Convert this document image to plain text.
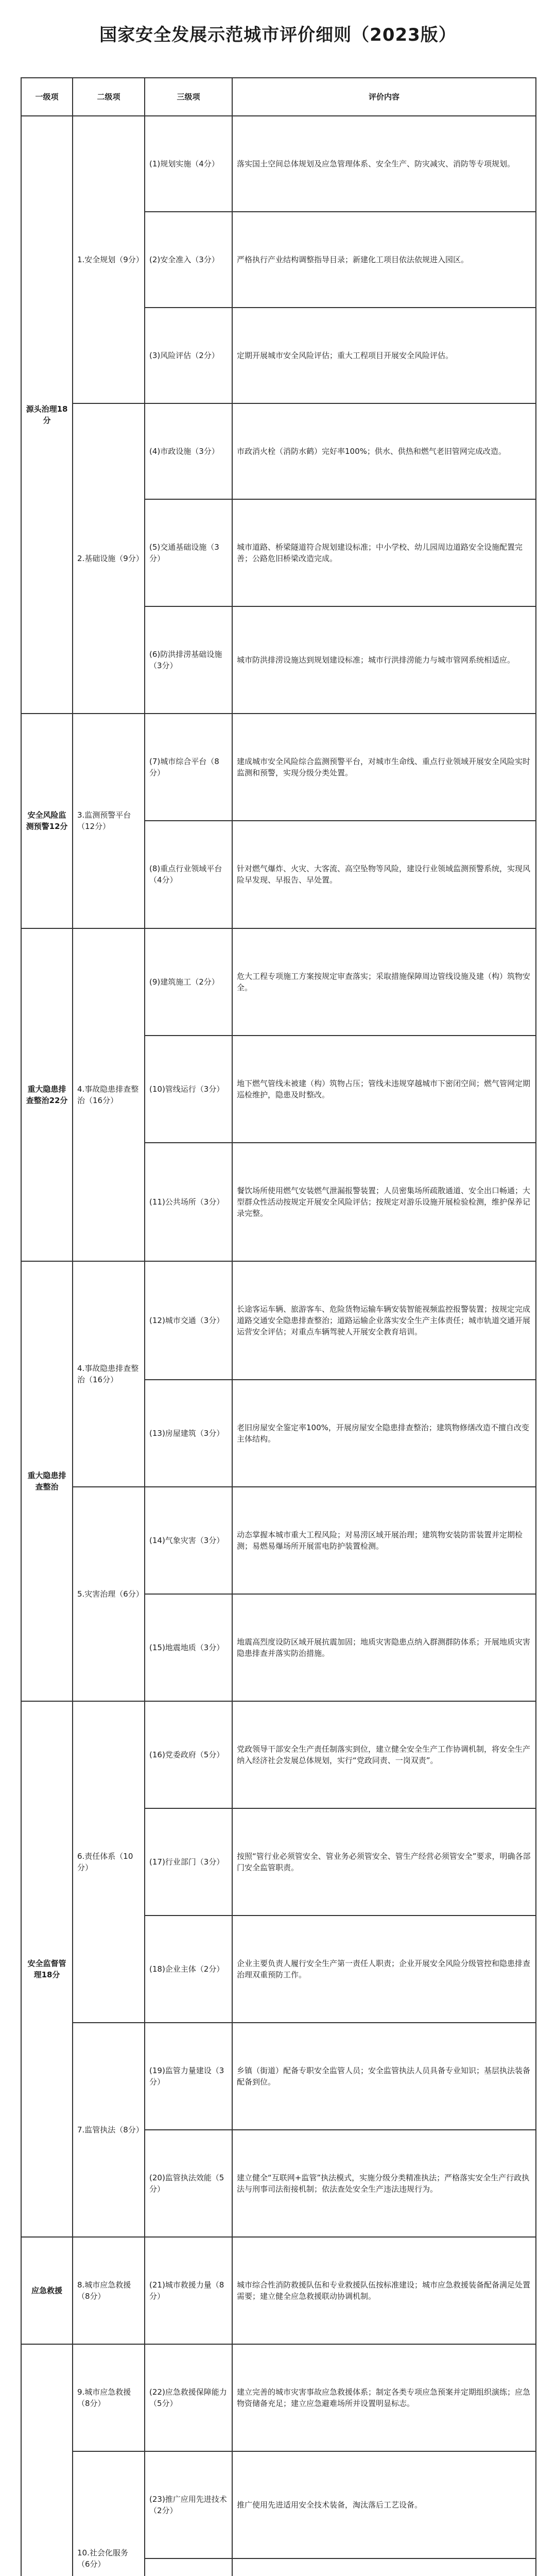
国家安全发展示范城市评价细则（2023版）
一级项	二级项	三级项	评价内容
源头治理18分	1.安全规划（9分）	(1)规划实施（4分）	落实国土空间总体规划及应急管理体系、安全生产、防灾减灾、消防等专项规划。

		(2)安全准入（3分）	严格执行产业结构调整指导目录；新建化工项目依法依规进入园区。

		(3)风险评估（2分）	定期开展城市安全风险评估；重大工程项目开展安全风险评估。

	2.基础设施（9分）	(4)市政设施（3分）	市政消火栓（消防水鹤）完好率100%；供水、供热和燃气老旧管网完成改造。

		(5)交通基础设施（3分）	城市道路、桥梁隧道符合规划建设标准；中小学校、幼儿园周边道路安全设施配置完善；公路危旧桥梁改造完成。

		(6)防洪排涝基础设施（3分）	城市防洪排涝设施达到规划建设标准；城市行洪排涝能力与城市管网系统相适应。

安全风险监测预警12分	3.监测预警平台（12分）	(7)城市综合平台（8分）	建成城市安全风险综合监测预警平台，对城市生命线、重点行业领域开展安全风险实时监测和预警，实现分级分类处置。

		(8)重点行业领域平台（4分）	针对燃气爆炸、火灾、大客流、高空坠物等风险，建设行业领域监测预警系统，实现风险早发现、早报告、早处置。

重大隐患排查整治22分	4.事故隐患排查整治（16分）	(9)建筑施工（2分）	危大工程专项施工方案按规定审查落实；采取措施保障周边管线设施及建（构）筑物安全。

		(10)管线运行（3分）	地下燃气管线未被建（构）筑物占压；管线未违规穿越城市下密闭空间；燃气管网定期巡检维护，隐患及时整改。

		(11)公共场所（3分）	餐饮场所使用燃气安装燃气泄漏报警装置；人员密集场所疏散通道、安全出口畅通；大型群众性活动按规定开展安全风险评估；按规定对游乐设施开展检验检测，维护保养记录完整。

重大隐患排查整治	4.事故隐患排查整治（16分）	(12)城市交通（3分）	长途客运车辆、旅游客车、危险货物运输车辆安装智能视频监控报警装置；按规定完成道路交通安全隐患排查整治；道路运输企业落实安全生产主体责任；城市轨道交通开展运营安全评估；对重点车辆驾驶人开展安全教育培训。

		(13)房屋建筑（3分）	老旧房屋安全鉴定率100%，开展房屋安全隐患排查整治；建筑物修缮改造不擅自改变主体结构。

	5.灾害治理（6分）	(14)气象灾害（3分）	动态掌握本城市重大工程风险；对易涝区域开展治理；建筑物安装防雷装置并定期检测；易燃易爆场所开展雷电防护装置检测。

		(15)地震地质（3分）	地震高烈度设防区域开展抗震加固；地质灾害隐患点纳入群测群防体系；开展地质灾害隐患排查并落实防治措施。

安全监督管理18分	6.责任体系（10分）	(16)党委政府（5分）	党政领导干部安全生产责任制落实到位，建立健全安全生产工作协调机制，将安全生产纳入经济社会发展总体规划，实行“党政同责、一岗双责”。

		(17)行业部门（3分）	按照“管行业必须管安全、管业务必须管安全、管生产经营必须管安全”要求，明确各部门安全监管职责。

		(18)企业主体（2分）	企业主要负责人履行安全生产第一责任人职责；企业开展安全风险分级管控和隐患排查治理双重预防工作。

	7.监管执法（8分）	(19)监管力量建设（3分）	乡镇（街道）配备专职安全监管人员；安全监管执法人员具备专业知识；基层执法装备配备到位。

		(20)监管执法效能（5分）	建立健全“互联网+监管”执法模式，实施分级分类精准执法；严格落实安全生产行政执法与刑事司法衔接机制；依法查处安全生产违法违规行为。

应急救援	8.城市应急救援（8分）	(21)城市救援力量（8分）	城市综合性消防救援队伍和专业救援队伍按标准建设；城市应急救援装备配备满足处置需要；建立健全应急救援联动协调机制。

	9.城市应急救援（8分）	(22)应急救援保障能力（5分）	建立完善的城市灾害事故应急救援体系；制定各类专项应急预案并定期组织演练；应急物资储备充足；建立应急避难场所并设置明显标志。

	10.社会化服务（6分）	(23)推广应用先进技术（2分）	推广使用先进适用安全技术装备，淘汰落后工艺设备。
